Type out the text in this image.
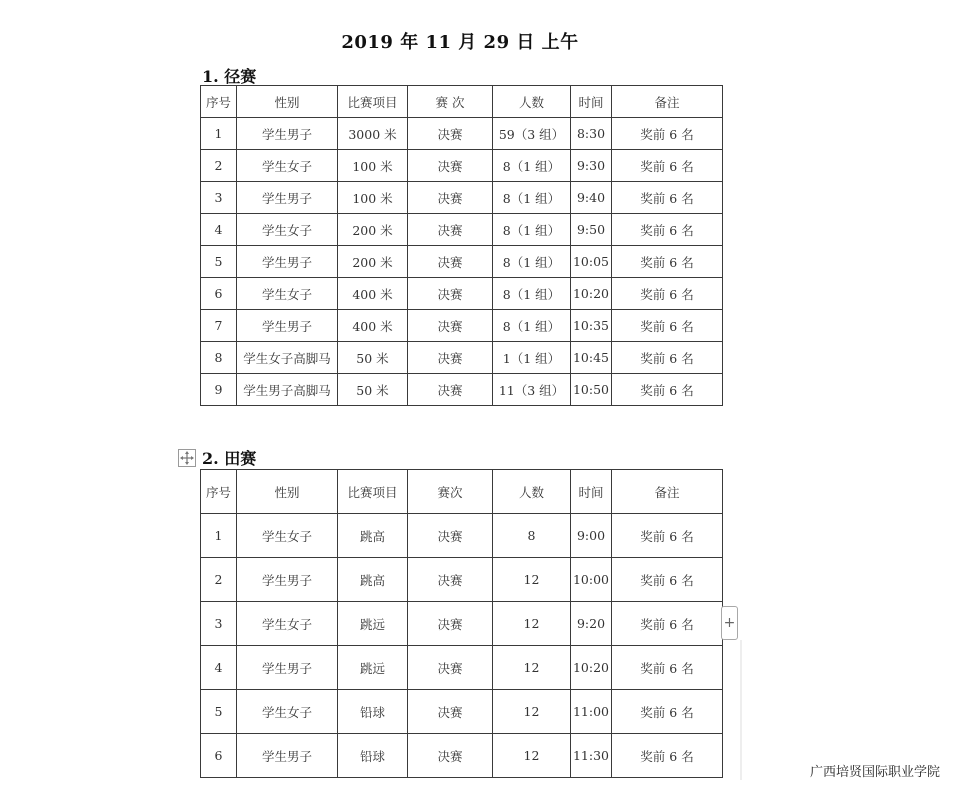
2019 年 11 月 29 日 上午
1. 径赛
序号	性别	比赛项目	赛 次	人数	时间	备注
1	学生男子	3000 米	决赛	59（3 组）	8:30	奖前 6 名
2	学生女子	100 米	决赛	8（1 组）	9:30	奖前 6 名
3	学生男子	100 米	决赛	8（1 组）	9:40	奖前 6 名
4	学生女子	200 米	决赛	8（1 组）	9:50	奖前 6 名
5	学生男子	200 米	决赛	8（1 组）	10:05	奖前 6 名
6	学生女子	400 米	决赛	8（1 组）	10:20	奖前 6 名
7	学生男子	400 米	决赛	8（1 组）	10:35	奖前 6 名
8	学生女子高脚马	50 米	决赛	1（1 组）	10:45	奖前 6 名
9	学生男子高脚马	50 米	决赛	11（3 组）	10:50	奖前 6 名
2. 田赛
序号	性别	比赛项目	赛次	人数	时间	备注
1	学生女子	跳高	决赛	8	9:00	奖前 6 名
2	学生男子	跳高	决赛	12	10:00	奖前 6 名
3	学生女子	跳远	决赛	12	9:20	奖前 6 名
4	学生男子	跳远	决赛	12	10:20	奖前 6 名
5	学生女子	铅球	决赛	12	11:00	奖前 6 名
6	学生男子	铅球	决赛	12	11:30	奖前 6 名
+
广西培贤国际职业学院
